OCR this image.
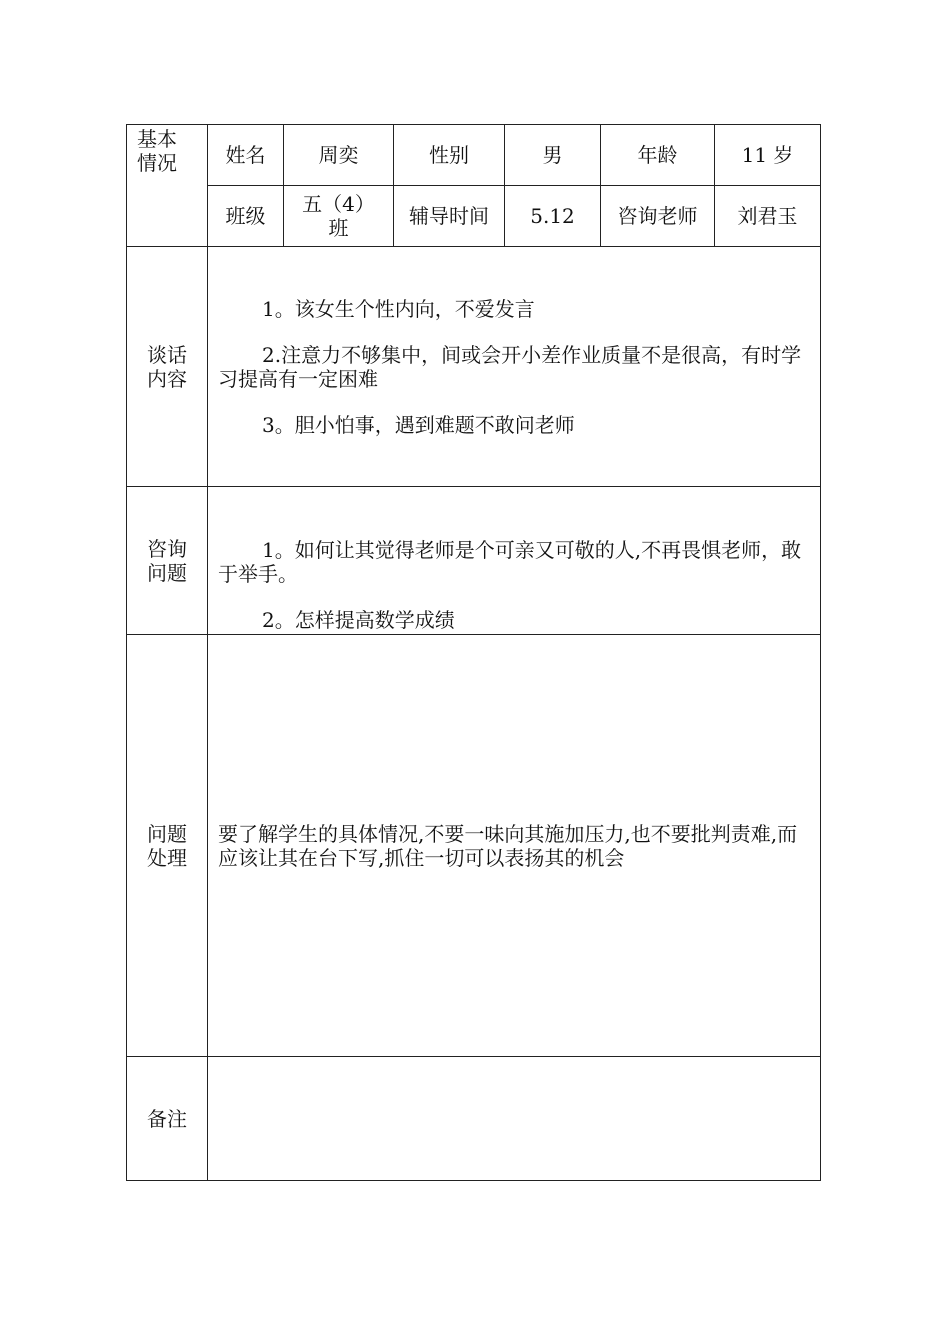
基本情况	姓名	周奕	性别	男	年龄	11 岁
	班级	五（4）班	辅导时间	5.12	咨询老师	刘君玉

谈话内容	1。该女生个性内向，不爱发言

2.注意力不够集中，间或会开小差作业质量不是很高，有时学习提高有一定困难

3。胆小怕事，遇到难题不敢问老师					

咨询问题	1。如何让其觉得老师是个可亲又可敬的人,不再畏惧老师，敢于举手。

2。怎样提高数学成绩					

问题处理	要了解学生的具体情况,不要一味向其施加压力,也不要批判责难,而应该让其在台下写,抓住一切可以表扬其的机会					

备注						
